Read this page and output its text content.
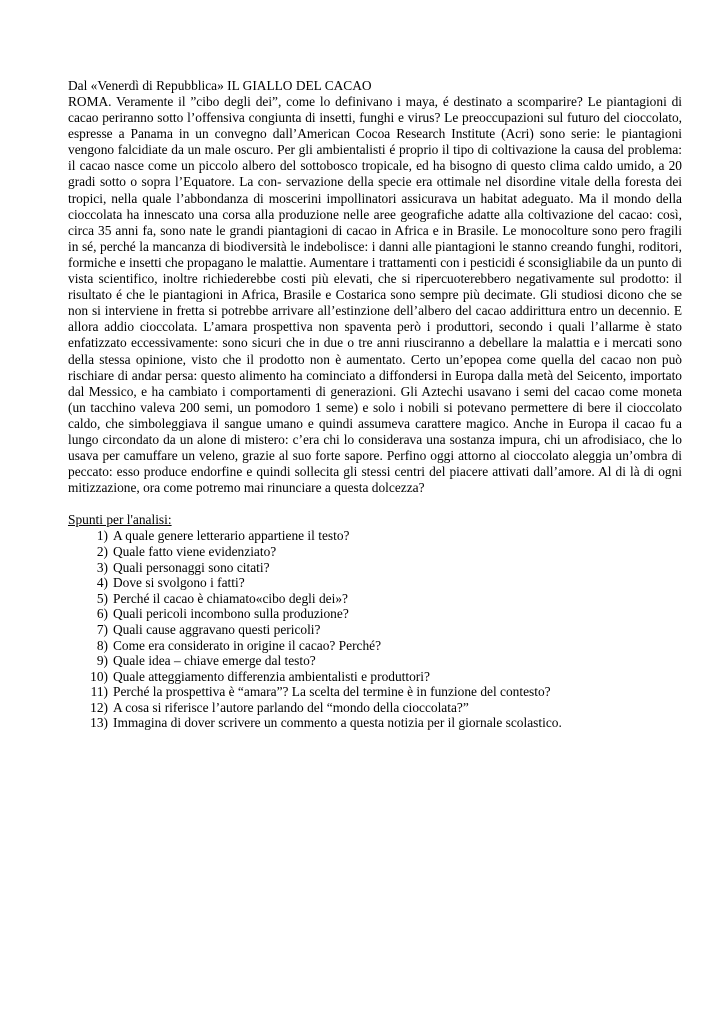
Dal «Venerdì di Repubblica» IL GIALLO DEL CACAO

ROMA. Veramente il ”cibo degli dei”, come lo definivano i maya, é destinato a scomparire? Le piantagioni di cacao periranno sotto l’offensiva congiunta di insetti, funghi e virus? Le preoccupazioni sul futuro del cioccolato, espresse a Panama in un convegno dall’American Cocoa Research Institute (Acri) sono serie: le piantagioni vengono falcidiate da un male oscuro. Per gli ambientalisti é proprio il tipo di coltivazione la causa del problema: il cacao nasce come un piccolo albero del sottobosco tropicale, ed ha bisogno di questo clima caldo umido, a 20 gradi sotto o sopra l’Equatore. La con- servazione della specie era ottimale nel disordine vitale della foresta dei tropici, nella quale l’abbondanza di moscerini impollinatori assicurava un habitat adeguato. Ma il mondo della cioccolata ha innescato una corsa alla produzione nelle aree geografiche adatte alla coltivazione del cacao: così, circa 35 anni fa, sono nate le grandi piantagioni di cacao in Africa e in Brasile. Le monocolture sono pero fragili in sé, perché la mancanza di biodiversità le indebolisce: i danni alle piantagioni le stanno creando funghi, roditori, formiche e insetti che propagano le malattie. Aumentare i trattamenti con i pesticidi é sconsigliabile da un punto di vista scientifico, inoltre richiederebbe costi più elevati, che si ripercuoterebbero negativamente sul prodotto: il risultato é che le piantagioni in Africa, Brasile e Costarica sono sempre più decimate. Gli studiosi dicono che se non si interviene in fretta si potrebbe arrivare all’estinzione dell’albero del cacao addirittura entro un decennio. E allora addio cioccolata. L’amara prospettiva non spaventa però i produttori, secondo i quali l’allarme è stato enfatizzato eccessivamente: sono sicuri che in due o tre anni riusciranno a debellare la malattia e i mercati sono della stessa opinione, visto che il prodotto non è aumentato. Certo un’epopea come quella del cacao non può rischiare di andar persa: questo alimento ha cominciato a diffondersi in Europa dalla metà del Seicento, importato dal Messico, e ha cambiato i comportamenti di generazioni. Gli Aztechi usavano i semi del cacao come moneta (un tacchino valeva 200 semi, un pomodoro 1 seme) e solo i nobili si potevano permettere di bere il cioccolato caldo, che simboleggiava il sangue umano e quindi assumeva carattere magico. Anche in Europa il cacao fu a lungo circondato da un alone di mistero: c’era chi lo considerava una sostanza impura, chi un afrodisiaco, che lo usava per camuffare un veleno, grazie al suo forte sapore. Perfino oggi attorno al cioccolato aleggia un’ombra di peccato: esso produce endorfine e quindi sollecita gli stessi centri del piacere attivati dall’amore. Al di là di ogni mitizzazione, ora come potremo mai rinunciare a questa dolcezza?

Spunti per l'analisi:

1) A quale genere letterario appartiene il testo?
2) Quale fatto viene evidenziato?
3) Quali personaggi sono citati?
4) Dove si svolgono i fatti?
5) Perché il cacao è chiamato«cibo degli dei»?
6) Quali pericoli incombono sulla produzione?
7) Quali cause aggravano questi pericoli?
8) Come era considerato in origine il cacao? Perché?
9) Quale idea – chiave emerge dal testo?
10) Quale atteggiamento differenzia ambientalisti e produttori?
11) Perché la prospettiva è “amara”? La scelta del termine è in funzione del contesto?
12) A cosa si riferisce l’autore parlando del “mondo della cioccolata?”
13) Immagina di dover scrivere un commento a questa notizia per il giornale scolastico.
